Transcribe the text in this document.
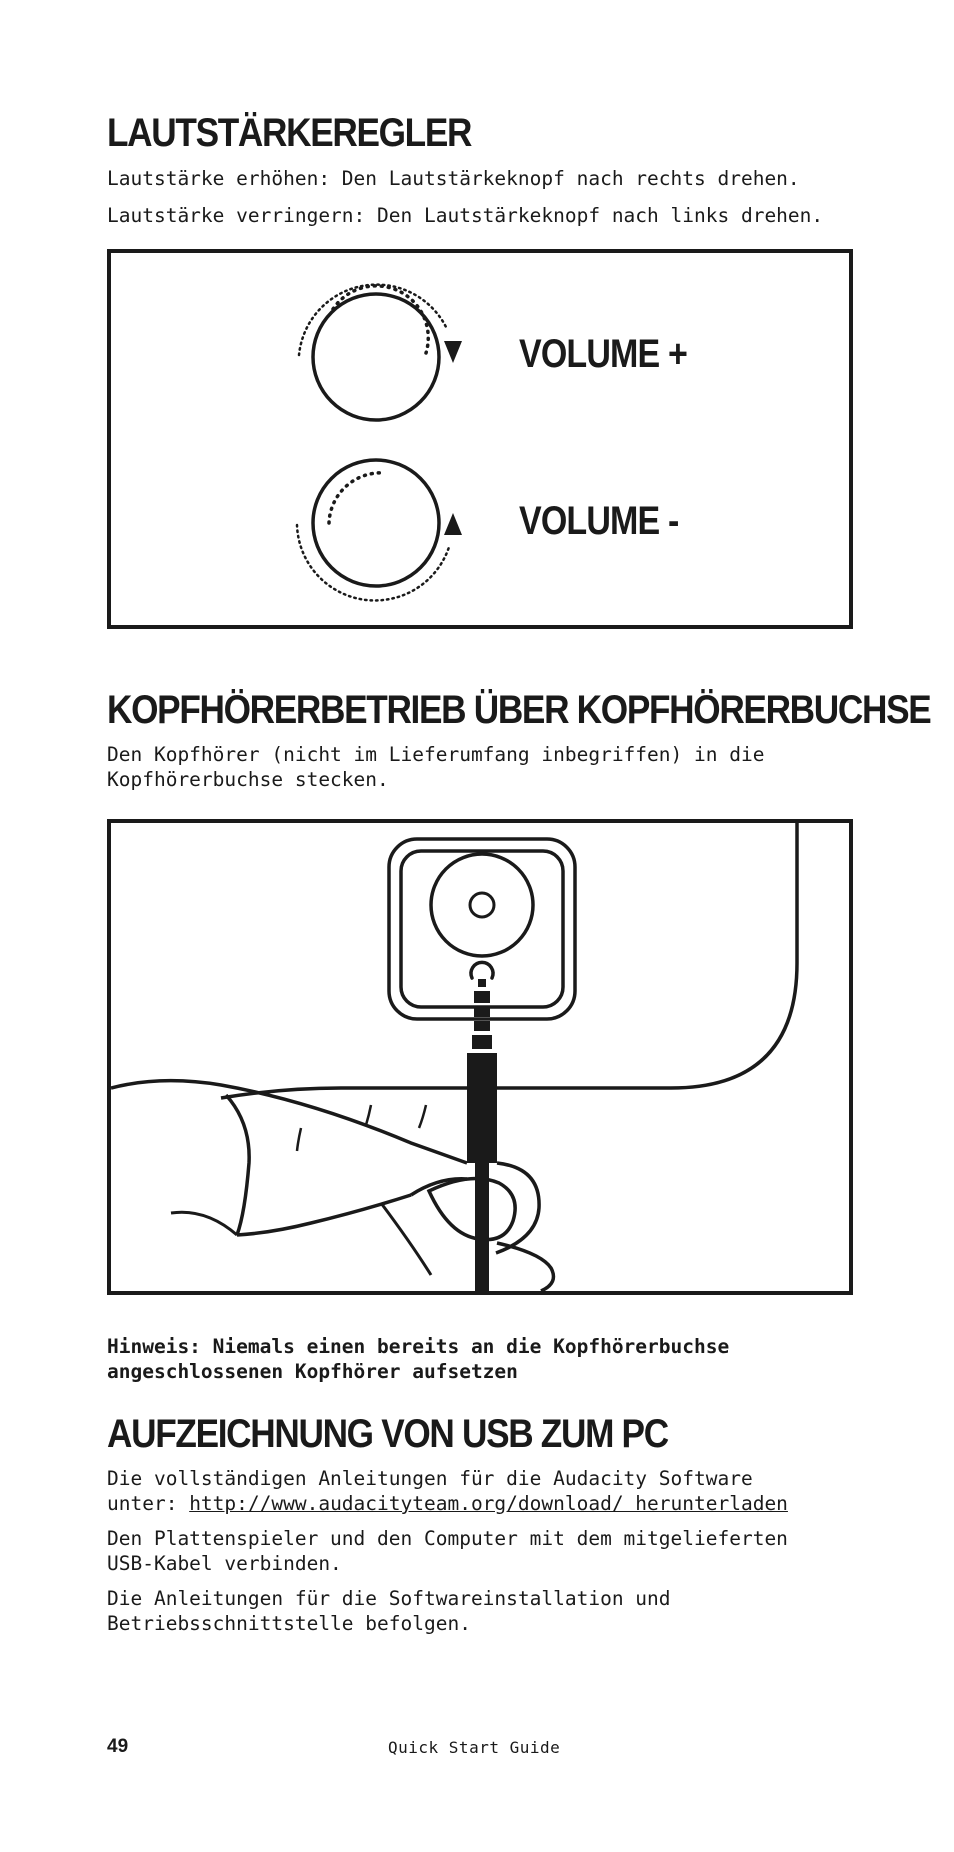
LAUTSTÄRKEREGLER

Lautstärke erhöhen: Den Lautstärkeknopf nach rechts drehen.

Lautstärke verringern: Den Lautstärkeknopf nach links drehen.

VOLUME +
VOLUME -
KOPFHÖRERBETRIEB ÜBER KOPFHÖRERBUCHSE

Den Kopfhörer (nicht im Lieferumfang inbegriffen) in die
Kopfhörerbuchse stecken.

Hinweis: Niemals einen bereits an die Kopfhörerbuchse
angeschlossenen Kopfhörer aufsetzen

AUFZEICHNUNG VON USB ZUM PC

Die vollständigen Anleitungen für die Audacity Software
unter: http://www.audacityteam.org/download/ herunterladen

Den Plattenspieler und den Computer mit dem mitgelieferten
USB-Kabel verbinden.

Die Anleitungen für die Softwareinstallation und
Betriebsschnittstelle befolgen.

49	Quick Start Guide
